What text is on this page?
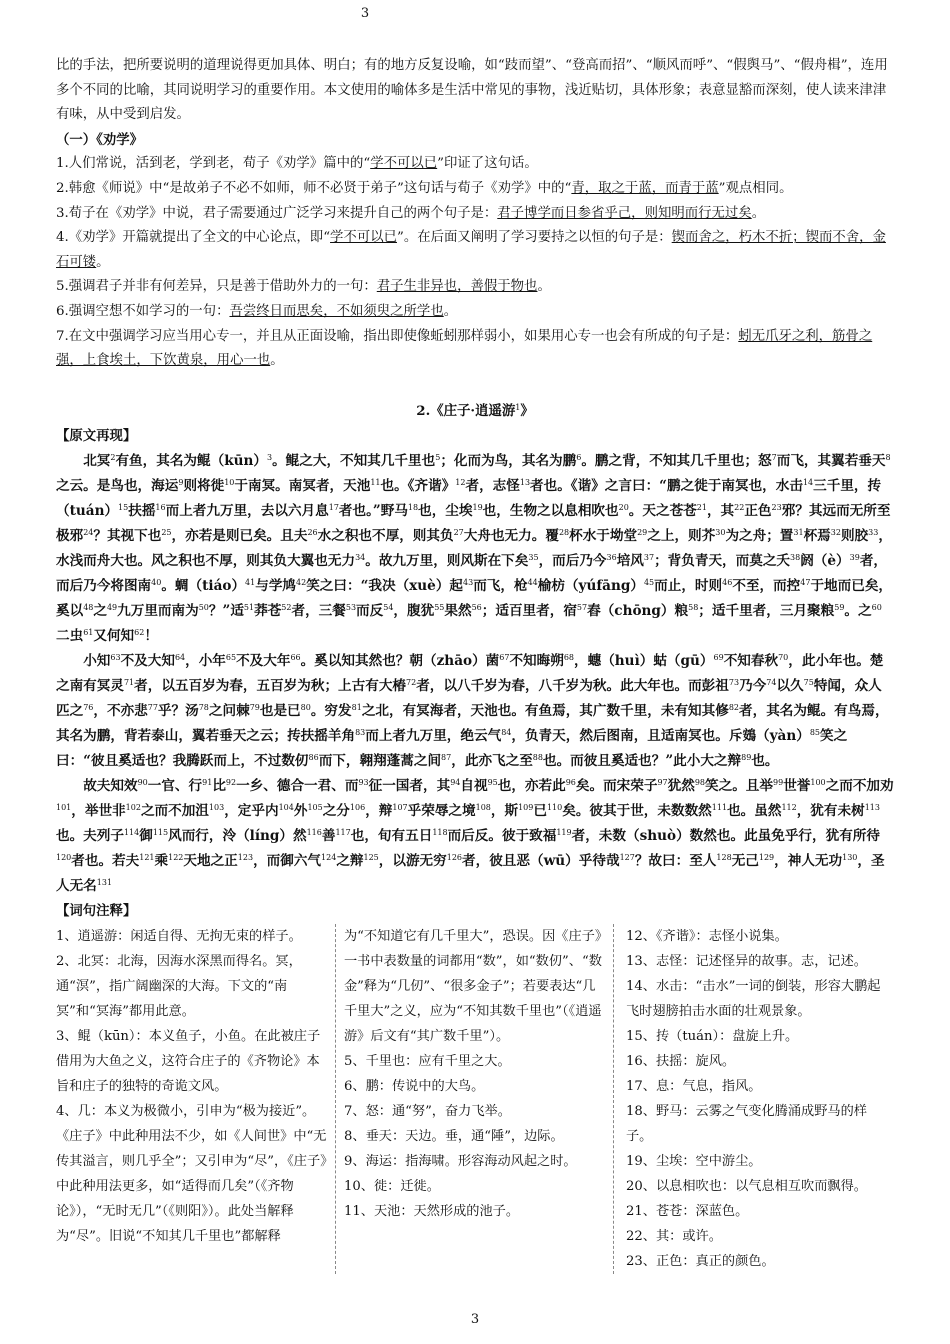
3

比的手法，把所要说明的道理说得更加具体、明白；有的地方反复设喻，如“跂而望”、“登高而招”、“顺风而呼”、“假舆马”、“假舟楫”，连用多个不同的比喻，其同说明学习的重要作用。本文使用的喻体多是生活中常见的事物，浅近贴切，具体形象；表意显豁而深刻，使人读来津津有味，从中受到启发。

（一）《劝学》

1.人们常说，活到老，学到老，荀子《劝学》篇中的“学不可以已”印证了这句话。

2.韩愈《师说》中“是故弟子不必不如师，师不必贤于弟子”这句话与荀子《劝学》中的“青，取之于蓝，而青于蓝”观点相同。

3.荀子在《劝学》中说，君子需要通过广泛学习来提升自己的两个句子是：君子博学而日参省乎己，则知明而行无过矣。

4.《劝学》开篇就提出了全文的中心论点，即“学不可以已”。在后面又阐明了学习要持之以恒的句子是：锲而舍之，朽木不折；锲而不舍，金石可镂。

5.强调君子并非有何差异，只是善于借助外力的一句：君子生非异也，善假于物也。

6.强调空想不如学习的一句：吾尝终日而思矣，不如须臾之所学也。

7.在文中强调学习应当用心专一，并且从正面设喻，指出即使像蚯蚓那样弱小，如果用心专一也会有所成的句子是：蚓无爪牙之利，筋骨之强，上食埃土，下饮黄泉，用心一也。

2.《庄子·逍遥游$^1$》

【原文再现】

北冥$^2$有鱼，其名为鲲（kūn）$^3$。鲲之大，不知其几千里也$^5$；化而为鸟，其名为鹏$^6$。鹏之背，不知其几千里也；怒$^7$而飞，其翼若垂天$^8$之云。是鸟也，海运$^9$则将徙$^{10}$于南冥。南冥者，天池$^{11}$也。《齐谐》$^{12}$者，志怪$^{13}$者也。《谐》之言曰：“鹏之徙于南冥也，水击$^{14}$三千里，抟（tuán）$^{15}$扶摇$^{16}$而上者九万里，去以六月息$^{17}$者也。”野马$^{18}$也，尘埃$^{19}$也，生物之以息相吹也$^{20}$。天之苍苍$^{21}$，其$^{22}$正色$^{23}$邪？其远而无所至极邪$^{24}$？其视下也$^{25}$，亦若是则已矣。且夫$^{26}$水之积也不厚，则其负$^{27}$大舟也无力。覆$^{28}$杯水于坳堂$^{29}$之上，则芥$^{30}$为之舟；置$^{31}$杯焉$^{32}$则胶$^{33}$，水浅而舟大也。风之积也不厚，则其负大翼也无力$^{34}$。故九万里，则风斯在下矣$^{35}$，而后乃今$^{36}$培风$^{37}$；背负青天，而莫之夭$^{38}$阏（è）$^{39}$者，而后乃今将图南$^{40}$。蜩（tiáo）$^{41}$与学鸠$^{42}$笑之曰：“我决（xuè）起$^{43}$而飞，枪$^{44}$榆枋（yúfāng）$^{45}$而止，时则$^{46}$不至，而控$^{47}$于地而已矣，奚以$^{48}$之$^{49}$九万里而南为$^{50}$？”适$^{51}$莽苍$^{52}$者，三餐$^{53}$而反$^{54}$，腹犹$^{55}$果然$^{56}$；适百里者，宿$^{57}$舂（chōng）粮$^{58}$；适千里者，三月聚粮$^{59}$。之$^{60}$二虫$^{61}$又何知$^{62}$！

小知$^{63}$不及大知$^{64}$，小年$^{65}$不及大年$^{66}$。奚以知其然也？朝（zhāo）菌$^{67}$不知晦朔$^{68}$，蟪（huì）蛄（gū）$^{69}$不知春秋$^{70}$，此小年也。楚之南有冥灵$^{71}$者，以五百岁为春，五百岁为秋；上古有大椿$^{72}$者，以八千岁为春，八千岁为秋。此大年也。而彭祖$^{73}$乃今$^{74}$以久$^{75}$特闻，众人匹之$^{76}$，不亦悲$^{77}$乎？汤$^{78}$之问棘$^{79}$也是已$^{80}$。穷发$^{81}$之北，有冥海者，天池也。有鱼焉，其广数千里，未有知其修$^{82}$者，其名为鲲。有鸟焉，其名为鹏，背若泰山，翼若垂天之云；抟扶摇羊角$^{83}$而上者九万里，绝云气$^{84}$，负青天，然后图南，且适南冥也。斥鴳（yàn）$^{85}$笑之曰：“彼且奚适也？我腾跃而上，不过数仞$^{86}$而下，翱翔蓬蒿之间$^{87}$，此亦飞之至$^{88}$也。而彼且奚适也？”此小大之辩$^{89}$也。

故夫知效$^{90}$一官、行$^{91}$比$^{92}$一乡、德合一君、而$^{93}$征一国者，其$^{94}$自视$^{95}$也，亦若此$^{96}$矣。而宋荣子$^{97}$犹然$^{98}$笑之。且举$^{99}$世誉$^{100}$之而不加劝$^{101}$，举世非$^{102}$之而不加沮$^{103}$，定乎内$^{104}$外$^{105}$之分$^{106}$，辩$^{107}$乎荣辱之境$^{108}$，斯$^{109}$已$^{110}$矣。彼其于世，未数数然$^{111}$也。虽然$^{112}$，犹有未树$^{113}$也。夫列子$^{114}$御$^{115}$风而行，泠（líng）然$^{116}$善$^{117}$也，旬有五日$^{118}$而后反。彼于致福$^{119}$者，未数（shuò）数然也。此虽免乎行，犹有所待$^{120}$者也。若夫$^{121}$乘$^{122}$天地之正$^{123}$，而御六气$^{124}$之辩$^{125}$，以游无穷$^{126}$者，彼且恶（wū）乎待哉$^{127}$？故曰：至人$^{128}$无己$^{129}$，神人无功$^{130}$，圣人无名$^{131}$

【词句注释】

1、逍遥游：闲适自得、无拘无束的样子。
2、北冥：北海，因海水深黑而得名。冥，通“溟”，指广阔幽深的大海。下文的“南冥”和“冥海”都用此意。
3、鲲（kūn）：本义鱼子，小鱼。在此被庄子借用为大鱼之义，这符合庄子的《齐物论》本旨和庄子的独特的奇诡文风。
4、几：本义为极微小，引申为“极为接近”。《庄子》中此种用法不少，如《人间世》中“无传其溢言，则几乎全”；又引申为“尽”，《庄子》中此种用法更多，如“适得而几矣”（《齐物论》），“无时无几”（《则阳》）。此处当解释为“尽”。旧说“不知其几千里也”都解释
为“不知道它有几千里大”，恐误。因《庄子》一书中表数量的词都用“数”，如“数仞”、“数金”释为“几仞”、“很多金子”；若要表达“几千里大”之义，应为“不知其数千里也”（《逍遥游》后文有“其广数千里”）。
5、千里也：应有千里之大。
6、鹏：传说中的大鸟。
7、怒：通“努”，奋力飞举。
8、垂天：天边。垂，通“陲”，边际。
9、海运：指海啸。形容海动风起之时。
10、徙：迁徙。
11、天池：天然形成的池子。
12、《齐谐》：志怪小说集。
13、志怪：记述怪异的故事。志，记述。
14、水击：“击水”一词的倒装，形容大鹏起飞时翅膀拍击水面的壮观景象。
15、抟（tuán）：盘旋上升。
16、扶摇：旋风。
17、息：气息，指风。
18、野马：云雾之气变化腾涌成野马的样子。
19、尘埃：空中游尘。
20、以息相吹也：以气息相互吹而飘得。
21、苍苍：深蓝色。
22、其：或许。
23、正色：真正的颜色。
3
